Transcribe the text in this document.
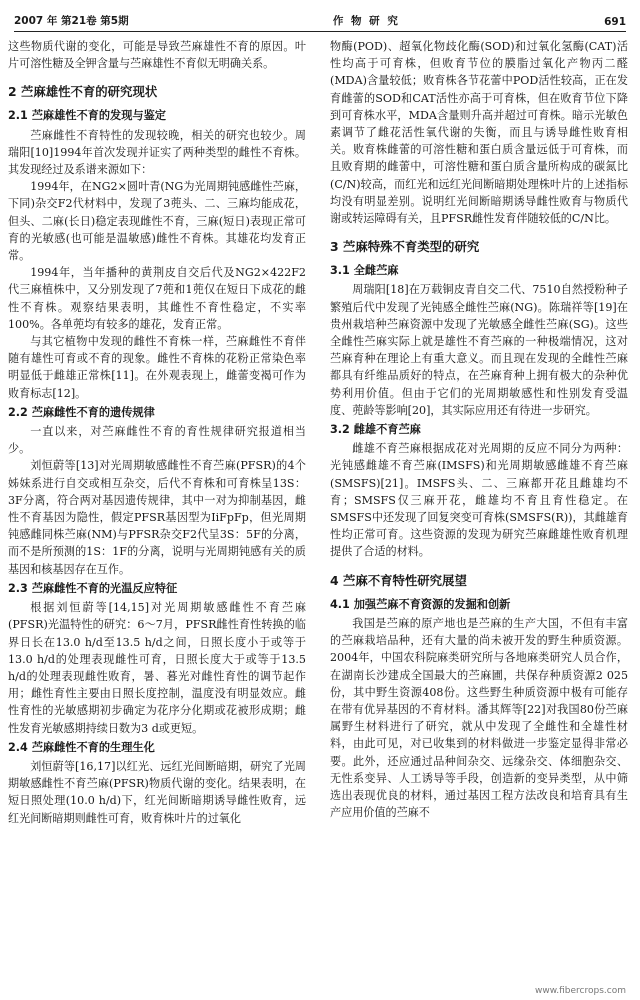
2007 年 第21卷 第5期	作 物 研 究	691

这些物质代谢的变化，可能是导致苎麻雄性不育的原因。叶片可溶性糖及全钾含量与苎麻雄性不育似无明确关系。

2 苎麻雄性不育的研究现状
2.1 苎麻雄性不育的发现与鉴定

苎麻雌性不育特性的发现较晚，相关的研究也较少。周瑞阳[10]1994年首次发现并证实了两种类型的雌性不育株。其发现经过及系谱来源如下：

1994年，在NG2×圆叶青(NG为光周期钝感雌性苎麻，下同)杂交F2代材料中，发现了3蔸头、二、三麻均能成花，但头、二麻(长日)稳定表现雌性不育，三麻(短日)表现正常可育的光敏感(也可能是温敏感)雌性不育株。其雄花均发育正常。

1994年，当年播种的黄荆皮自交后代及NG2×422F2代三麻植株中，又分别发现了7蔸和1蔸仅在短日下成花的雌性不育株。观察结果表明，其雌性不育性稳定，不实率100%。各单蔸均有较多的雄花，发育正常。

与其它植物中发现的雌性不育株一样，苎麻雌性不育伴随有雄性可育或不育的现象。雌性不育株的花粉正常染色率明显低于雌雄正常株[11]。在外观表现上，雌蕾变褐可作为败育标志[12]。

2.2 苎麻雌性不育的遗传规律

一直以来，对苎麻雌性不育的育性规律研究报道相当少。

刘恒蔚等[13]对光周期敏感雌性不育苎麻(PFSR)的4个姊妹系进行自交或相互杂交，后代不育株和可育株呈13S：3F分离，符合两对基因遗传规律，其中一对为抑制基因，雌性不育基因为隐性，假定PFSR基因型为IiFpFp，但光周期钝感雌同株苎麻(NM)与PFSR杂交F2代呈3S：5F的分离，而不是所预测的1S：1F的分离，说明与光周期钝感有关的质基因和核基因存在互作。

2.3 苎麻雌性不育的光温反应特征

根据刘恒蔚等[14,15]对光周期敏感雌性不育苎麻(PFSR)光温特性的研究：6～7月，PFSR雌性育性转换的临界日长在13.0 h/d至13.5 h/d之间，日照长度小于或等于13.0 h/d的处理表现雌性可育，日照长度大于或等于13.5 h/d的处理表现雌性败育，暑、暮光对雌性育性的调节起作用；雌性育性主要由日照长度控制，温度没有明显效应。雌性育性的光敏感期初步确定为花序分化期或花被形成期；雌性发育光敏感期持续日数为3 d或更短。

2.4 苎麻雌性不育的生理生化

刘恒蔚等[16,17]以红光、远红光间断暗期，研究了光周期敏感雌性不育苎麻(PFSR)物质代谢的变化。结果表明，在短日照处理(10.0 h/d)下，红光间断暗期诱导雌性败育，远红光间断暗期则雌性可育，败育株叶片的过氧化

物酶(POD)、超氧化物歧化酶(SOD)和过氧化氢酶(CAT)活性均高于可育株，但败育节位的膜脂过氧化产物丙二醛(MDA)含量较低；败育株各节花蕾中POD活性较高，正在发育雌蕾的SOD和CAT活性亦高于可育株，但在败育节位下降到可育株水平，MDA含量则升高并超过可育株。暗示光敏色素调节了雌花活性氧代谢的失衡，而且与诱导雌性败育相关。败育株雌蕾的可溶性糖和蛋白质含量远低于可育株，而且败育期的雌蕾中，可溶性糖和蛋白质含量所构成的碳氮比(C/N)较高，而红光和远红光间断暗期处理株叶片的上述指标均没有明显差别。说明红光间断暗期诱导雌性败育与物质代谢或转运障碍有关，且PFSR雌性发育伴随较低的C/N比。

3 苎麻特殊不育类型的研究
3.1 全雌苎麻

周瑞阳[18]在万载铜皮青自交二代、7510自然授粉种子繁殖后代中发现了光钝感全雌性苎麻(NG)。陈瑞祥等[19]在贵州栽培种苎麻资源中发现了光敏感全雌性苎麻(SG)。这些全雌性苎麻实际上就是雄性不育苎麻的一种极端情况，这对苎麻育种在理论上有重大意义。而且现在发现的全雌性苎麻都具有纤维品质好的特点，在苎麻育种上拥有极大的杂种优势利用价值。但由于它们的光周期敏感性和性别发育受温度、蔸龄等影响[20]，其实际应用还有待进一步研究。

3.2 雌雄不育苎麻

雌雄不育苎麻根据成花对光周期的反应不同分为两种：光钝感雌雄不育苎麻(IMSFS)和光周期敏感雌雄不育苎麻(SMSFS)[21]。IMSFS头、二、三麻都开花且雌雄均不育；SMSFS仅三麻开花，雌雄均不育且育性稳定。在SMSFS中还发现了回复突变可育株(SMSFS(R))，其雌雄育性均正常可育。这些资源的发现为研究苎麻雌雄性败育机理提供了合适的材料。

4 苎麻不育特性研究展望
4.1 加强苎麻不育资源的发掘和创新

我国是苎麻的原产地也是苎麻的生产大国，不但有丰富的苎麻栽培品种，还有大量的尚未被开发的野生种质资源。2004年，中国农科院麻类研究所与各地麻类研究人员合作，在湖南长沙建成全国最大的苎麻圃，共保存种质资源2 025份，其中野生资源408份。这些野生种质资源中极有可能存在带有优异基因的不育材料。潘其辉等[22]对我国80份苎麻属野生材料进行了研究，就从中发现了全雌性和全雄性材料，由此可见，对已收集到的材料做进一步鉴定显得非常必要。此外，还应通过品种间杂交、远缘杂交、体细胞杂交、无性系变异、人工诱导等手段，创造新的变异类型，从中筛选出表现优良的材料，通过基因工程方法改良和培育具有生产应用价值的苎麻不

www.fibercrops.com
